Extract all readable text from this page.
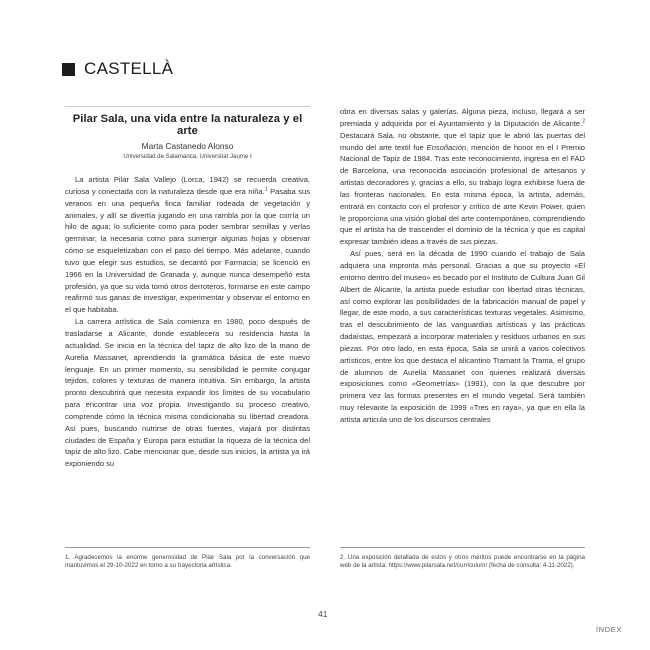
CASTELLÀ
Pilar Sala, una vida entre la naturaleza y el arte
Marta Castanedo Alonso
Universidad de Salamanca, Universitat Jaume I

La artista Pilar Sala Vallejo (Lorca, 1942) se recuerda creativa, curiosa y conectada con la naturaleza desde que era niña.$^1$ Pasaba sus veranos en una pequeña finca familiar rodeada de vegetación y animales, y allí se divertía jugando en una rambla por la que corría un hilo de agua; lo suficiente como para poder sembrar semillas y verlas germinar; la necesaria como para sumergir algunas hojas y observar cómo se esqueletizaban con el paso del tiempo. Más adelante, cuando tuvo que elegir sus estudios, se decantó por Farmacia; se licenció en 1966 en la Universidad de Granada y, aunque nunca desempeñó esta profesión, ya que su vida tomó otros derroteros, formarse en este campo reafirmó sus ganas de investigar, experimentar y observar el entorno en el que habitaba.

La carrera artística de Sala comienza en 1980, poco después de trasladarse a Alicante, donde establecera su residencia hasta la actualidad. Se inicia en la técnica del tapiz de alto lizo de la mano de Aurelia Massanet, aprendiendo la gramática básica de este nuevo lenguaje. En un primer momento, su sensibilidad le permite conjugar tejidos, colores y texturas de manera intuitiva. Sin embargo, la artista pronto descubrirá que necesita expandir los límites de su vocabulario para encontrar una voz propia. Investigando su proceso creativo, comprende cómo la técnica misma condicionaba su libertad creadora. Así pues, buscando nutrirse de otras fuentes, viajará por distintas ciudades de España y Europa para estudiar la riqueza de la técnica del tapiz de alto lizo. Cabe mencionar que, desde sus inicios, la artista ya irá exponiendo su

obra en diversas salas y galerías. Alguna pieza, incluso, llegará a ser premiada y adquirida por el Ayuntamiento y la Diputación de Alicante.$^2$ Destacará Sala, no obstante, que el tapiz que le abrió las puertas del mundo del arte textil fue Ensoñación, mención de honor en el I Premio Nacional de Tapiz de 1984. Tras este reconocimiento, ingresa en el FAD de Barcelona, una reconocida asociación profesional de artesanos y artistas decoradores y, gracias a ello, su trabajo logra exhibirse fuera de las fronteras nacionales. En esta misma época, la artista, además, entrará en contacto con el profesor y crítico de arte Kevin Power, quien le proporciona una visión global del arte contemporáneo, comprendiendo que el artista ha de trascender el dominio de la técnica y que es capital expresar también ideas a través de sus piezas.

Así pues, será en la década de 1990 cuando el trabajo de Sala adquiera una impronta más personal. Gracias a que su proyecto «El entorno dentro del museo» es becado por el Instituto de Cultura Juan Gil Albert de Alicante, la artista puede estudiar con libertad otras técnicas, así como explorar las posibilidades de la fabricación manual de papel y llegar, de este modo, a sus características texturas vegetales. Asimismo, tras el descubrimiento de las vanguardias artísticas y las prácticas dadaístas, empezará a incorporar materiales y residuos urbanos en sus piezas. Por otro lado, en esta época, Sala se unirá a varios colectivos artísticos, entre los que destaca el alicantino Tramant la Trama, el grupo de alumnos de Aurelia Massanet con quienes realizará diversas exposiciones como «Geometrías» (1991), con la que descubre por primera vez las formas presentes en el mundo vegetal. Será también muy relevante la exposición de 1999 «Tres en raya», ya que en ella la artista articula uno de los discursos centrales

1. Agradecemos la enorme generosidad de Pilar Sala por la conversación que mantuvimos el 29-10-2022 en torno a su trayectoria artística.
2. Una exposición detallada de estos y otros méritos puede encontrarse en la página web de la artista: https://www.pilarsala.net/curriculum/ (fecha de consulta: 4-11-2022).
41
ÍNDEX
